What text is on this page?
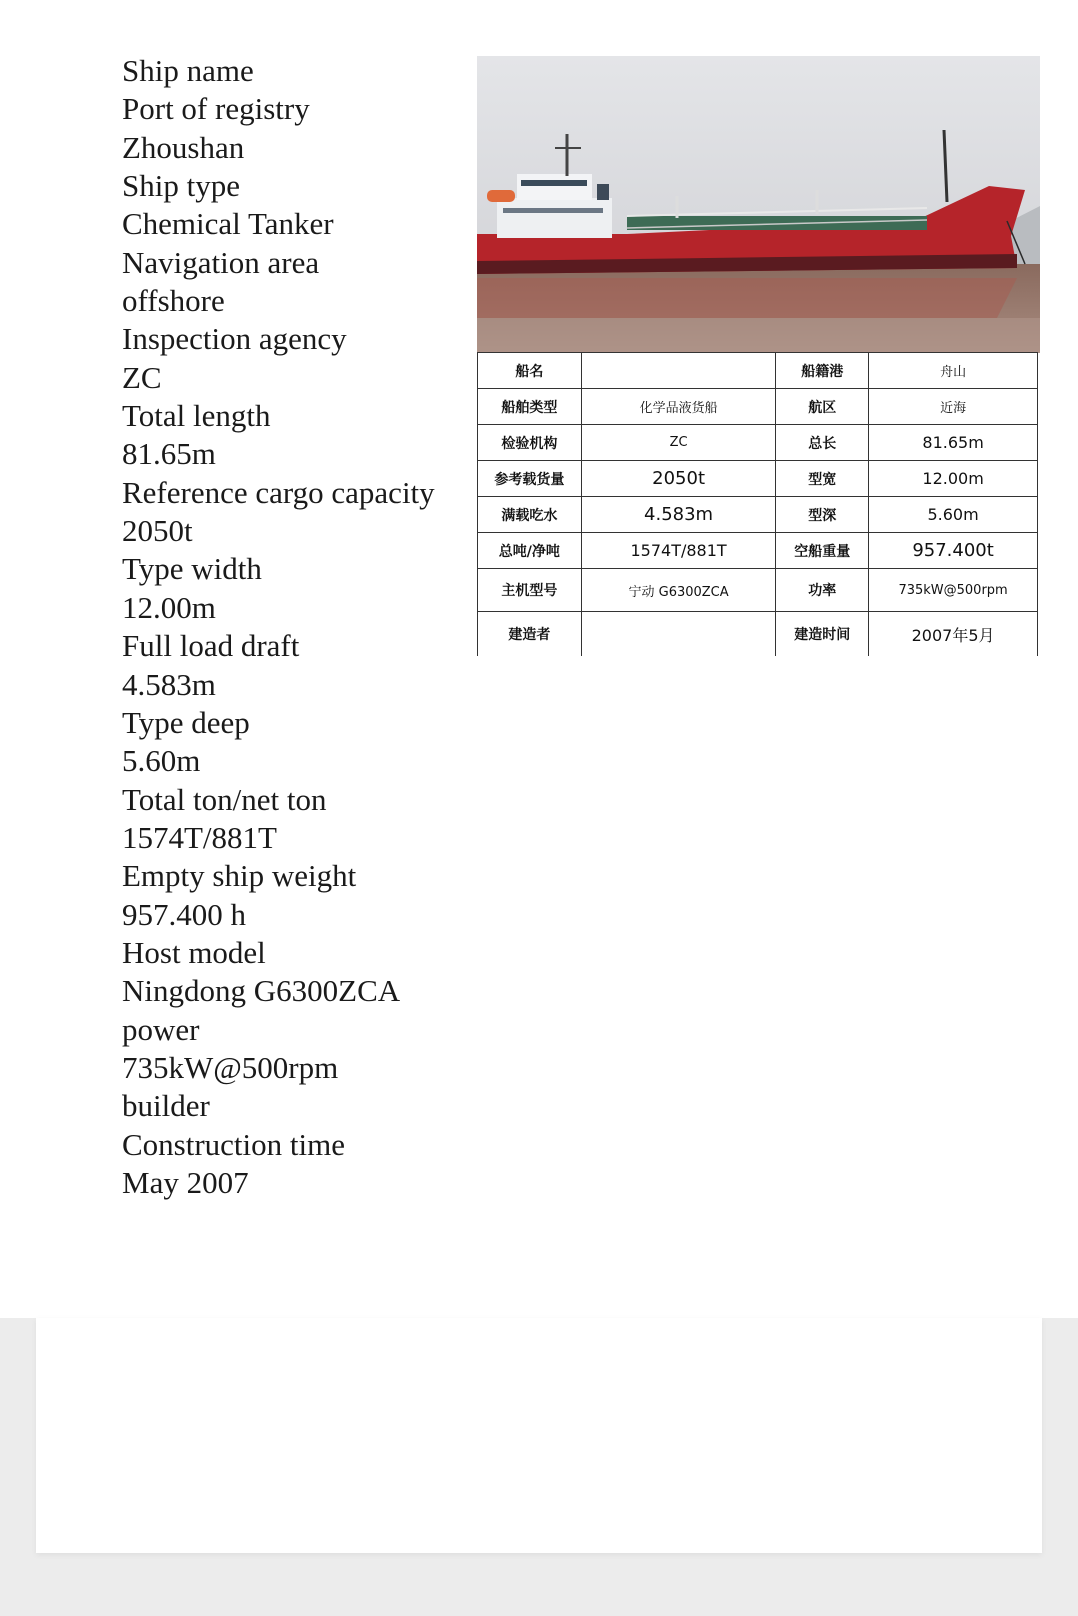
Ship name
Port of registry
Zhoushan
Ship type
Chemical Tanker
Navigation area
offshore
Inspection agency
ZC
Total length
81.65m
Reference cargo capacity
2050t
Type width
12.00m
Full load draft
4.583m
Type deep
5.60m
Total ton/net ton
1574T/881T
Empty ship weight
957.400 h
Host model
Ningdong G6300ZCA
power
735kW@500rpm
builder
Construction time
May 2007
船名		船籍港	舟山
船舶类型	化学品液货船	航区	近海
检验机构	ZC	总长	81.65m
参考载货量	2050t	型宽	12.00m
满载吃水	4.583m	型深	5.60m
总吨/净吨	1574T/881T	空船重量	957.400t
主机型号	宁动 G6300ZCA	功率	735kW@500rpm
建造者		建造时间	2007年5月
